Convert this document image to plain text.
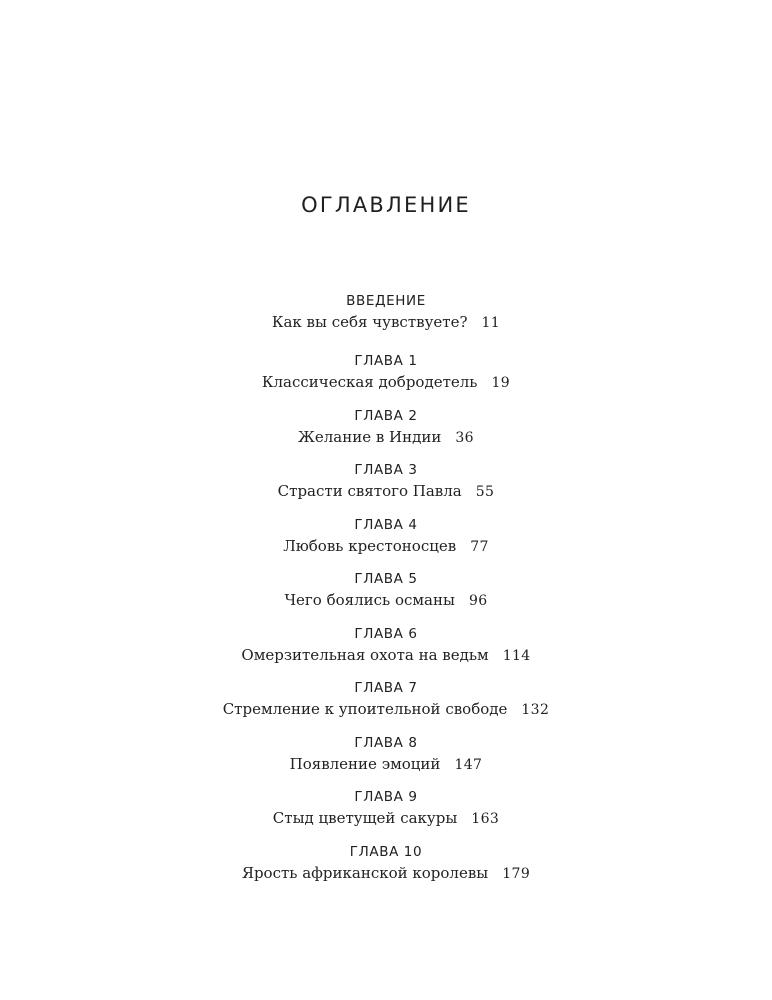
ОГЛАВЛЕНИЕ
ВВЕДЕНИЕ
Как вы себя чувствуете? 11
ГЛАВА 1
Классическая добродетель 19
ГЛАВА 2
Желание в Индии 36
ГЛАВА 3
Страсти святого Павла 55
ГЛАВА 4
Любовь крестоносцев 77
ГЛАВА 5
Чего боялись османы 96
ГЛАВА 6
Омерзительная охота на ведьм 114
ГЛАВА 7
Стремление к упоительной свободе 132
ГЛАВА 8
Появление эмоций 147
ГЛАВА 9
Стыд цветущей сакуры 163
ГЛАВА 10
Ярость африканской королевы 179
